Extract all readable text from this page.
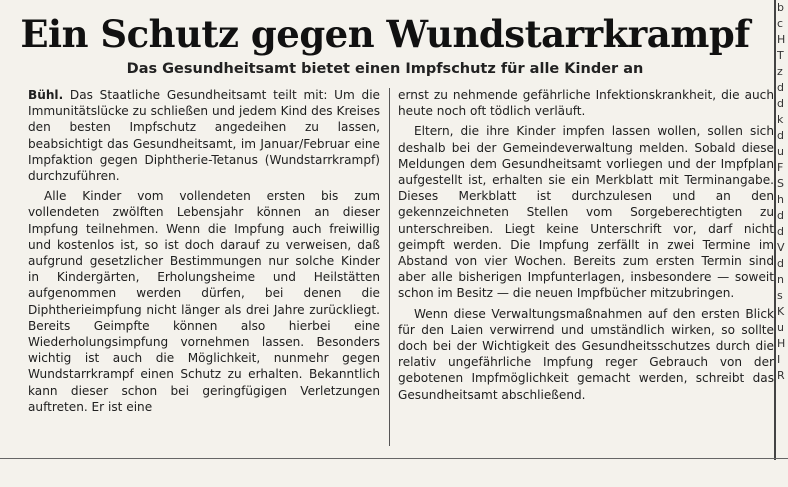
Ein Schutz gegen Wundstarrkrampf
Das Gesundheitsamt bietet einen Impfschutz für alle Kinder an

Bühl. Das Staatliche Gesundheitsamt teilt mit: Um die Immunitätslücke zu schließen und jedem Kind des Kreises den besten Impfschutz angedeihen zu lassen, beabsichtigt das Gesundheitsamt, im Januar/Februar eine Impfaktion gegen Diphtherie-Tetanus (Wundstarrkrampf) durchzuführen.

Alle Kinder vom vollendeten ersten bis zum vollendeten zwölften Lebensjahr können an dieser Impfung teilnehmen. Wenn die Impfung auch freiwillig und kostenlos ist, so ist doch darauf zu verweisen, daß aufgrund gesetzlicher Bestimmungen nur solche Kinder in Kindergärten, Erholungsheime und Heilstätten aufgenommen werden dürfen, bei denen die Diphtherieimpfung nicht länger als drei Jahre zurückliegt. Bereits Geimpfte können also hierbei eine Wiederholungsimpfung vornehmen lassen. Besonders wichtig ist auch die Möglichkeit, nunmehr gegen Wundstarrkrampf einen Schutz zu erhalten. Bekanntlich kann dieser schon bei geringfügigen Verletzungen auftreten. Er ist eine

ernst zu nehmende gefährliche Infektionskrankheit, die auch heute noch oft tödlich verläuft.

Eltern, die ihre Kinder impfen lassen wollen, sollen sich deshalb bei der Gemeindeverwaltung melden. Sobald diese Meldungen dem Gesundheitsamt vorliegen und der Impfplan aufgestellt ist, erhalten sie ein Merkblatt mit Terminangabe. Dieses Merkblatt ist durchzulesen und an den gekennzeichneten Stellen vom Sorgeberechtigten zu unterschreiben. Liegt keine Unterschrift vor, darf nicht geimpft werden. Die Impfung zerfällt in zwei Termine im Abstand von vier Wochen. Bereits zum ersten Termin sind aber alle bisherigen Impfunterlagen, insbesondere — soweit schon im Besitz — die neuen Impfbücher mitzubringen.

Wenn diese Verwaltungsmaßnahmen auf den ersten Blick für den Laien verwirrend und umständlich wirken, so sollte doch bei der Wichtigkeit des Gesundheitsschutzes durch die relativ ungefährliche Impfung reger Gebrauch von der gebotenen Impfmöglichkeit gemacht werden, schreibt das Gesundheitsamt abschließend.

b
c
H
T
z
d
d
k
d
u
F
S
h
d
d
V
d
n
s
K
u
H
I
R
